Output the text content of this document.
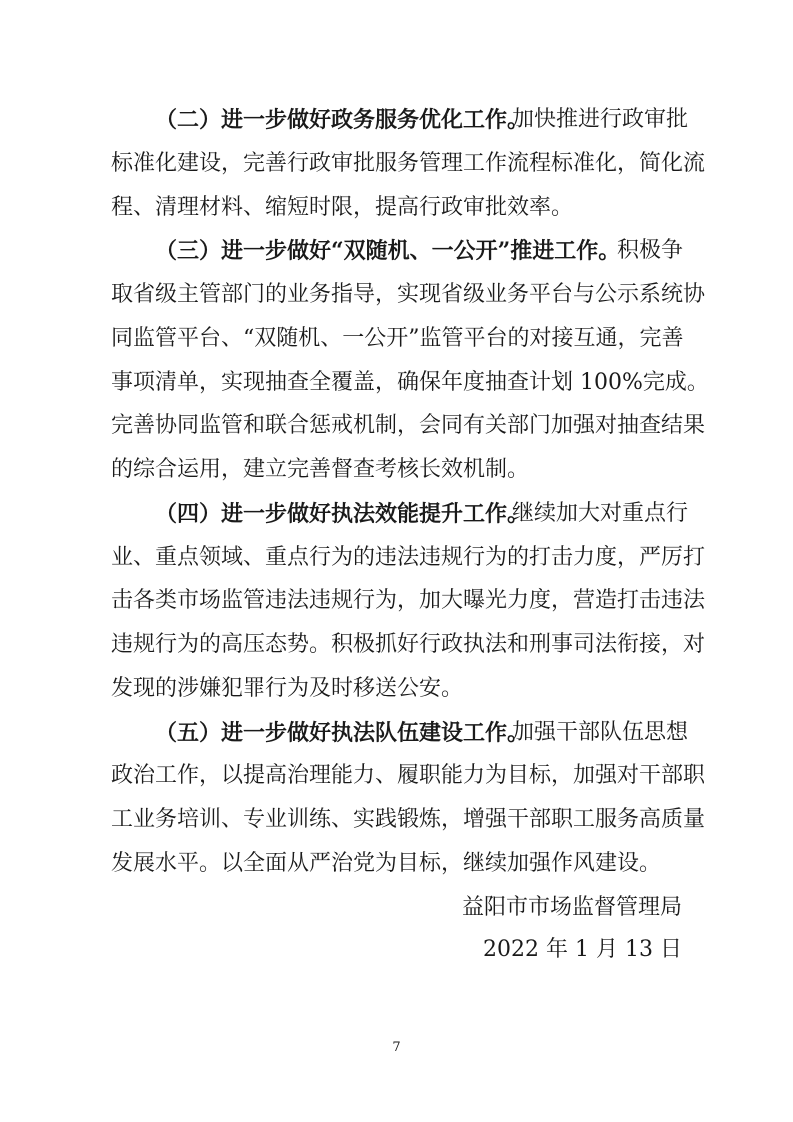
（二）进一步做好政务服务优化工作。
加快推进行政审批
标准化建设，完善行政审批服务管理工作流程标准化，简化流
程、清理材料、缩短时限，提高行政审批效率。
（三）进一步做好“双随机、一公开”推进工作。
积极争
取省级主管部门的业务指导，实现省级业务平台与公示系统协
同监管平台、“双随机、一公开”监管平台的对接互通，完善
事项清单，实现抽查全覆盖，确保年度抽查计划 100%完成。
完善协同监管和联合惩戒机制，会同有关部门加强对抽查结果
的综合运用，建立完善督查考核长效机制。
（四）进一步做好执法效能提升工作。
继续加大对重点行
业、重点领域、重点行为的违法违规行为的打击力度，严厉打
击各类市场监管违法违规行为，加大曝光力度，营造打击违法
违规行为的高压态势。积极抓好行政执法和刑事司法衔接，对
发现的涉嫌犯罪行为及时移送公安。
（五）进一步做好执法队伍建设工作。
加强干部队伍思想
政治工作，以提高治理能力、履职能力为目标，加强对干部职
工业务培训、专业训练、实践锻炼，增强干部职工服务高质量
发展水平。以全面从严治党为目标，继续加强作风建设。
益阳市市场监督管理局
2022 年 1 月 13 日
7
